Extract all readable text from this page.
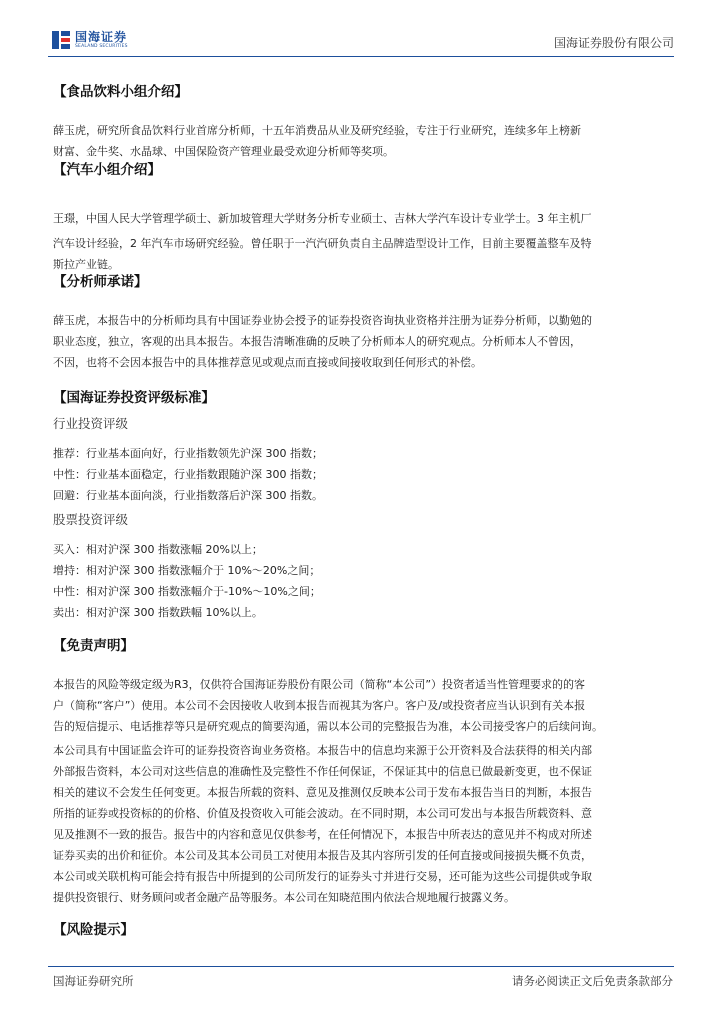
国海证券
SEALAND SECURITIES	国海证券股份有限公司
【食品饮料小组介绍】
薛玉虎，研究所食品饮料行业首席分析师，十五年消费品从业及研究经验，专注于行业研究，连续多年上榜新
财富、金牛奖、水晶球、中国保险资产管理业最受欢迎分析师等奖项。
【汽车小组介绍】
王璟，中国人民大学管理学硕士、新加坡管理大学财务分析专业硕士、吉林大学汽车设计专业学士。3 年主机厂
汽车设计经验，2 年汽车市场研究经验。曾任职于一汽汽研负责自主品牌造型设计工作，目前主要覆盖整车及特
斯拉产业链。
【分析师承诺】
薛玉虎，本报告中的分析师均具有中国证券业协会授予的证券投资咨询执业资格并注册为证券分析师，以勤勉的
职业态度，独立，客观的出具本报告。本报告清晰准确的反映了分析师本人的研究观点。分析师本人不曾因，
不因，也将不会因本报告中的具体推荐意见或观点而直接或间接收取到任何形式的补偿。
【国海证券投资评级标准】
行业投资评级
推荐：行业基本面向好，行业指数领先沪深 300 指数；
中性：行业基本面稳定，行业指数跟随沪深 300 指数；
回避：行业基本面向淡，行业指数落后沪深 300 指数。
股票投资评级
买入：相对沪深 300 指数涨幅 20%以上；
增持：相对沪深 300 指数涨幅介于 10%～20%之间；
中性：相对沪深 300 指数涨幅介于-10%～10%之间；
卖出：相对沪深 300 指数跌幅 10%以上。
【免责声明】
本报告的风险等级定级为R3，仅供符合国海证券股份有限公司（简称“本公司”）投资者适当性管理要求的的客
户（简称“客户”）使用。本公司不会因接收人收到本报告而视其为客户。客户及/或投资者应当认识到有关本报
告的短信提示、电话推荐等只是研究观点的简要沟通，需以本公司的完整报告为准，本公司接受客户的后续问询。
本公司具有中国证监会许可的证券投资咨询业务资格。本报告中的信息均来源于公开资料及合法获得的相关内部
外部报告资料，本公司对这些信息的准确性及完整性不作任何保证，不保证其中的信息已做最新变更，也不保证
相关的建议不会发生任何变更。本报告所载的资料、意见及推测仅反映本公司于发布本报告当日的判断，本报告
所指的证券或投资标的的价格、价值及投资收入可能会波动。在不同时期，本公司可发出与本报告所载资料、意
见及推测不一致的报告。报告中的内容和意见仅供参考，在任何情况下，本报告中所表达的意见并不构成对所述
证券买卖的出价和征价。本公司及其本公司员工对使用本报告及其内容所引发的任何直接或间接损失概不负责，
本公司或关联机构可能会持有报告中所提到的公司所发行的证券头寸并进行交易，还可能为这些公司提供或争取
提供投资银行、财务顾问或者金融产品等服务。本公司在知晓范围内依法合规地履行披露义务。
【风险提示】
国海证券研究所	请务必阅读正文后免责条款部分
